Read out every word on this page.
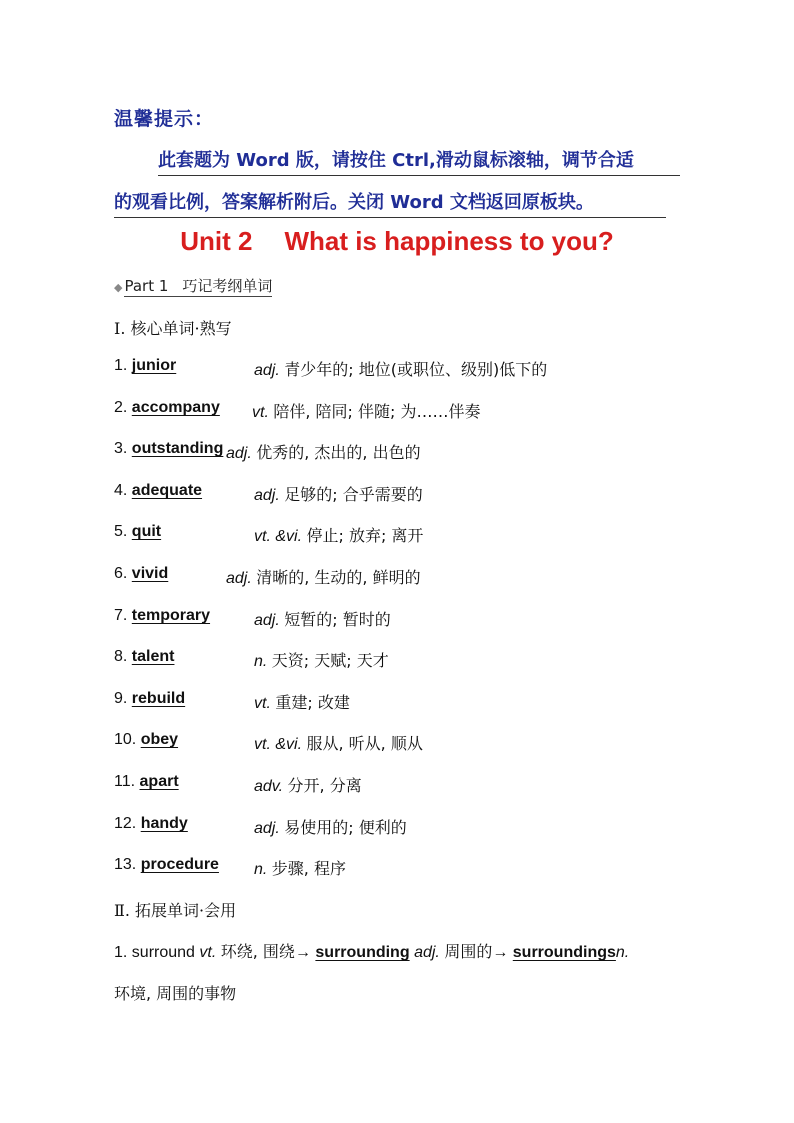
温馨提示：
此套题为 Word 版，请按住 Ctrl,滑动鼠标滚轴，调节合适
的观看比例，答案解析附后。关闭 Word 文档返回原板块。
Unit 2 What is happiness to you?
◆ Part 1 巧记考纲单词
Ⅰ. 核心单词·熟写
1. junior	adj. 青少年的; 地位(或职位、级别)低下的
2. accompany vt. 陪伴, 陪同; 伴随; 为……伴奏
3. outstanding adj. 优秀的, 杰出的, 出色的
4. adequate	adj. 足够的; 合乎需要的
5. quit	vt. &vi. 停止; 放弃; 离开
6. vivid	adj. 清晰的, 生动的, 鲜明的
7. temporary	adj. 短暂的; 暂时的
8. talent	n. 天资; 天赋; 天才
9. rebuild	vt. 重建; 改建
10. obey	vt. &vi. 服从, 听从, 顺从
11. apart	adv. 分开, 分离
12. handy	adj. 易使用的; 便利的
13. procedure n. 步骤, 程序
Ⅱ. 拓展单词·会用
1. surround vt. 环绕, 围绕→ surrounding adj. 周围的→ surroundingsn.
环境, 周围的事物
